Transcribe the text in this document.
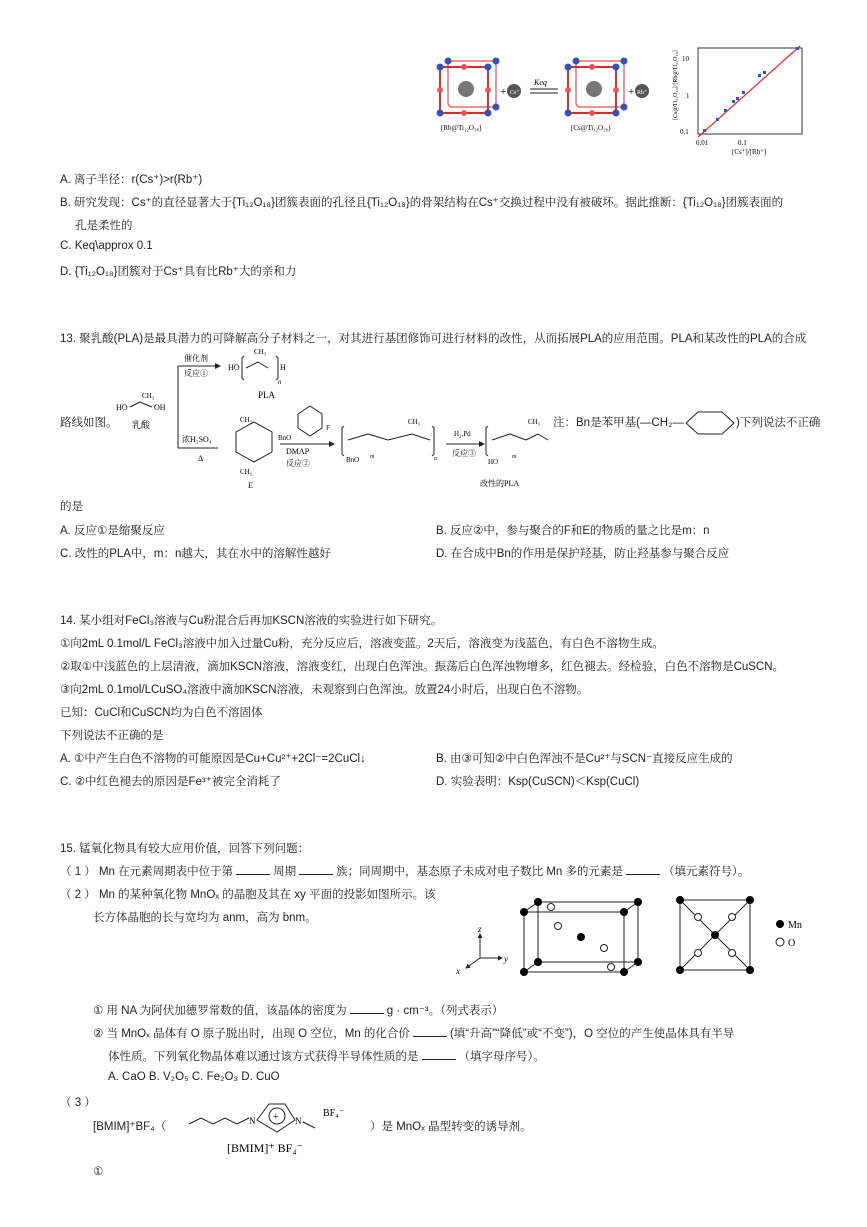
+ Cs⁺
Keq
+ Rb⁺
{Rb@Ti₁₂O₁₈}	{Cs@Ti₁₂O₁₈}
[Cs@Ti₁₂O₁₈]/[Rb@Ti₁₂O₁₈] 10
1
0.1
0.01	0.1
[Cs⁺]/[Rb⁺]
A. 离子半径：r(Cs⁺)>r(Rb⁺)
B. 研究发现：Cs⁺的直径显著大于{Ti₁₂O₁₈}团簇表面的孔径且{Ti₁₂O₁₈}的骨架结构在Cs⁺交换过程中没有被破坏。据此推断：{Ti₁₂O₁₈}团簇表面的
孔是柔性的
C. Keq\approx 0.1
D. {Ti₁₂O₁₈}团簇对于Cs⁺具有比Rb⁺大的亲和力
13. 聚乳酸(PLA)是最具潜力的可降解高分子材料之一，对其进行基团修饰可进行材料的改性，从而拓展PLA的应用范围。PLA和某改性的PLA的合成
路线如图。
HO
CH₃
OH
乳酸
催化剂
反应①
HO
CH₃
H
n
PLA
浓H₂SO₄
Δ
CH₃
CH₃
E
BnO
F
DMAP
反应②	BnO m
CH₃
n
H₂,Pd
反应③
HO
m
CH₃
改性的PLA
注：Bn是苯甲基(—CH₂—	)下列说法不正确
的是
A. 反应①是缩聚反应	B. 反应②中，参与聚合的F和E的物质的量之比是m：n
C. 改性的PLA中，m：n越大，其在水中的溶解性越好	D. 在合成中Bn的作用是保护羟基，防止羟基参与聚合反应
14. 某小组对FeCl₃溶液与Cu粉混合后再加KSCN溶液的实验进行如下研究。
①向2mL 0.1mol/L FeCl₃溶液中加入过量Cu粉，充分反应后，溶液变蓝。2天后，溶液变为浅蓝色，有白色不溶物生成。
②取①中浅蓝色的上层清液，滴加KSCN溶液，溶液变红，出现白色浑浊。振荡后白色浑浊物增多，红色褪去。经检验，白色不溶物是CuSCN。
③向2mL 0.1mol/LCuSO₄溶液中滴加KSCN溶液，未观察到白色浑浊。放置24小时后，出现白色不溶物。
已知：CuCl和CuSCN均为白色不溶固体
下列说法不正确的是
A. ①中产生白色不溶物的可能原因是Cu+Cu²⁺+2Cl⁻=2CuCl↓	B. 由③可知②中白色浑浊不是Cu²⁺与SCN⁻直接反应生成的
C. ②中红色褪去的原因是Fe³⁺被完全消耗了	D. 实验表明：Ksp(CuSCN)＜Ksp(CuCl)
15. 锰氧化物具有较大应用价值，回答下列问题：
（ 1 ） Mn 在元素周期表中位于第	周期	族；同周期中，基态原子未成对电子数比 Mn 多的元素是	（填元素符号）。
（ 2 ） Mn 的某种氧化物 MnOₓ 的晶胞及其在 xy 平面的投影如图所示。该
长方体晶胞的长与宽均为 anm，高为 bnm。
z
y
x
Mn
O
① 用 NA 为阿伏加德罗常数的值，该晶体的密度为	g · cm⁻³。（列式表示）
② 当 MnOₓ 晶体有 O 原子脱出时，出现 O 空位，Mn 的化合价	(填“升高”“降低”或“不变”)，O 空位的产生使晶体具有半导
体性质。下列氧化物晶体难以通过该方式获得半导体性质的是	（填字母序号）。
A. CaO B. V₂O₅ C. Fe₂O₃ D. CuO
（ 3 ）
[BMIM]⁺BF₄（
+
N	N
BF₄⁻
[BMIM]⁺ BF₄⁻
）是 MnOₓ 晶型转变的诱导剂。
①
